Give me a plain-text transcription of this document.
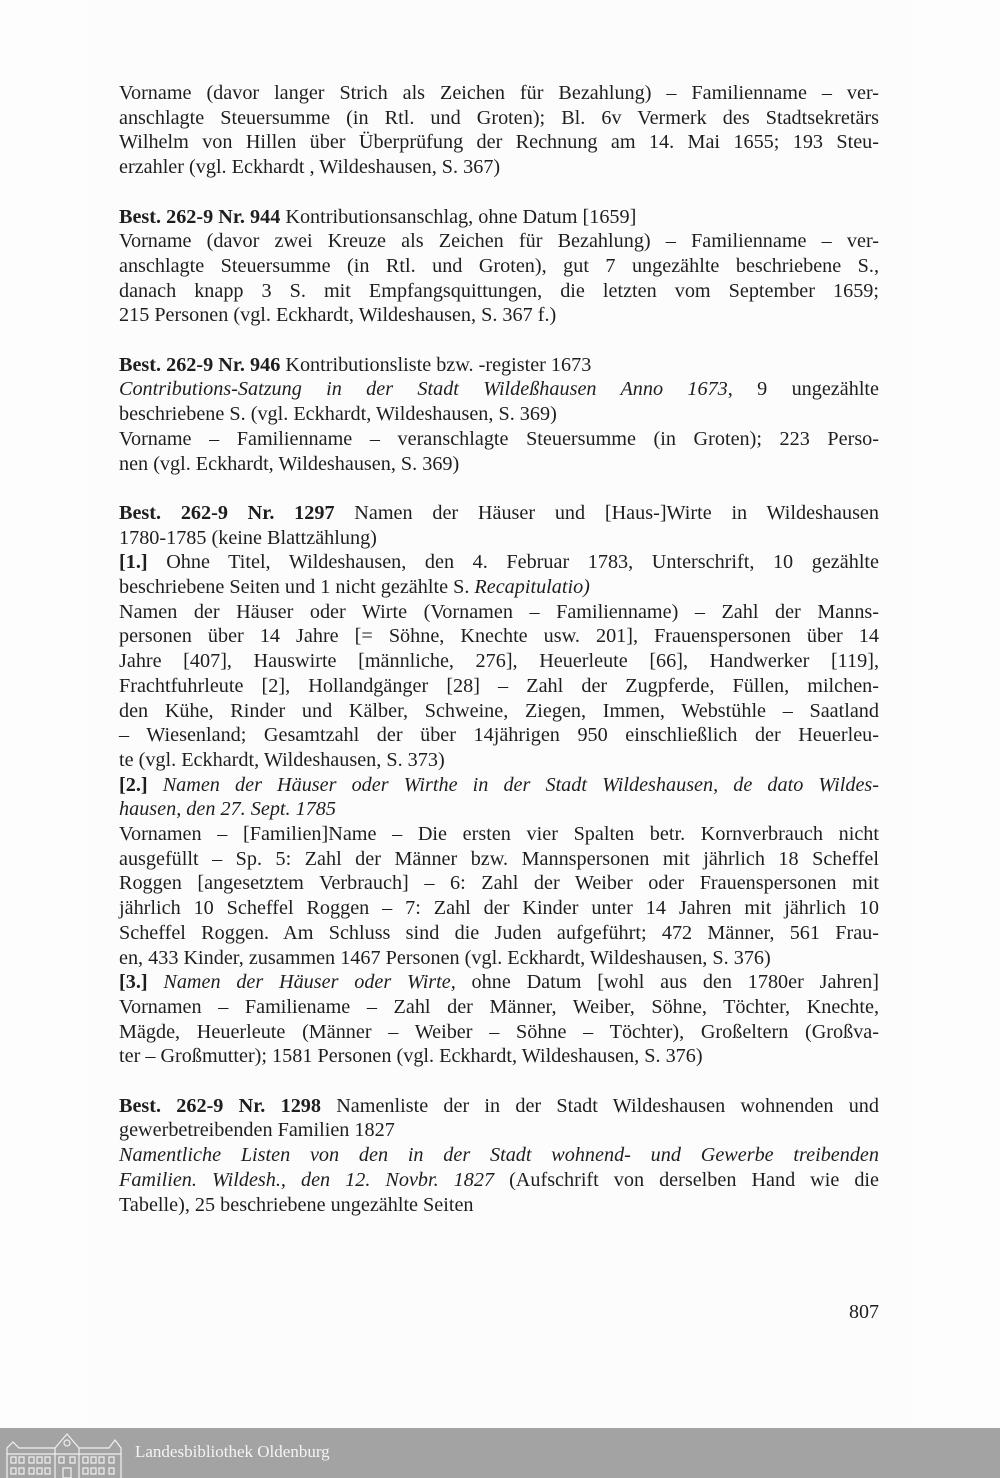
Vorname (davor langer Strich als Zeichen für Bezahlung) – Familienname – ver-
anschlagte Steuersumme (in Rtl. und Groten); Bl. 6v Vermerk des Stadtsekretärs
Wilhelm von Hillen über Überprüfung der Rechnung am 14. Mai 1655; 193 Steu-
erzahler (vgl. Eckhardt , Wildeshausen, S. 367)
Best. 262-9 Nr. 944 Kontributionsanschlag, ohne Datum [1659]
Vorname (davor zwei Kreuze als Zeichen für Bezahlung) – Familienname – ver-
anschlagte Steuersumme (in Rtl. und Groten), gut 7 ungezählte beschriebene S.,
danach knapp 3 S. mit Empfangsquittungen, die letzten vom September 1659;
215 Personen (vgl. Eckhardt, Wildeshausen, S. 367 f.)
Best. 262-9 Nr. 946 Kontributionsliste bzw. -register 1673
Contributions-Satzung in der Stadt Wildeßhausen Anno 1673, 9 ungezählte
beschriebene S. (vgl. Eckhardt, Wildeshausen, S. 369)
Vorname – Familienname – veranschlagte Steuersumme (in Groten); 223 Perso-
nen (vgl. Eckhardt, Wildeshausen, S. 369)
Best. 262-9 Nr. 1297 Namen der Häuser und [Haus-]Wirte in Wildeshausen
1780-1785 (keine Blattzählung)
[1.] Ohne Titel, Wildeshausen, den 4. Februar 1783, Unterschrift, 10 gezählte
beschriebene Seiten und 1 nicht gezählte S. Recapitulatio)
Namen der Häuser oder Wirte (Vornamen – Familienname) – Zahl der Manns-
personen über 14 Jahre [= Söhne, Knechte usw. 201], Frauenspersonen über 14
Jahre [407], Hauswirte [männliche, 276], Heuerleute [66], Handwerker [119],
Frachtfuhrleute [2], Hollandgänger [28] – Zahl der Zugpferde, Füllen, milchen-
den Kühe, Rinder und Kälber, Schweine, Ziegen, Immen, Webstühle – Saatland
– Wiesenland; Gesamtzahl der über 14jährigen 950 einschließlich der Heuerleu-
te (vgl. Eckhardt, Wildeshausen, S. 373)
[2.] Namen der Häuser oder Wirthe in der Stadt Wildeshausen, de dato Wildes-
hausen, den 27. Sept. 1785
Vornamen – [Familien]Name – Die ersten vier Spalten betr. Kornverbrauch nicht
ausgefüllt – Sp. 5: Zahl der Männer bzw. Mannspersonen mit jährlich 18 Scheffel
Roggen [angesetztem Verbrauch] – 6: Zahl der Weiber oder Frauenspersonen mit
jährlich 10 Scheffel Roggen – 7: Zahl der Kinder unter 14 Jahren mit jährlich 10
Scheffel Roggen. Am Schluss sind die Juden aufgeführt; 472 Männer, 561 Frau-
en, 433 Kinder, zusammen 1467 Personen (vgl. Eckhardt, Wildeshausen, S. 376)
[3.] Namen der Häuser oder Wirte, ohne Datum [wohl aus den 1780er Jahren]
Vornamen – Familiename – Zahl der Männer, Weiber, Söhne, Töchter, Knechte,
Mägde, Heuerleute (Männer – Weiber – Söhne – Töchter), Großeltern (Großva-
ter – Großmutter); 1581 Personen (vgl. Eckhardt, Wildeshausen, S. 376)
Best. 262-9 Nr. 1298 Namenliste der in der Stadt Wildeshausen wohnenden und
gewerbetreibenden Familien 1827
Namentliche Listen von den in der Stadt wohnend- und Gewerbe treibenden
Familien. Wildesh., den 12. Novbr. 1827 (Aufschrift von derselben Hand wie die
Tabelle), 25 beschriebene ungezählte Seiten
807
Landesbibliothek Oldenburg
